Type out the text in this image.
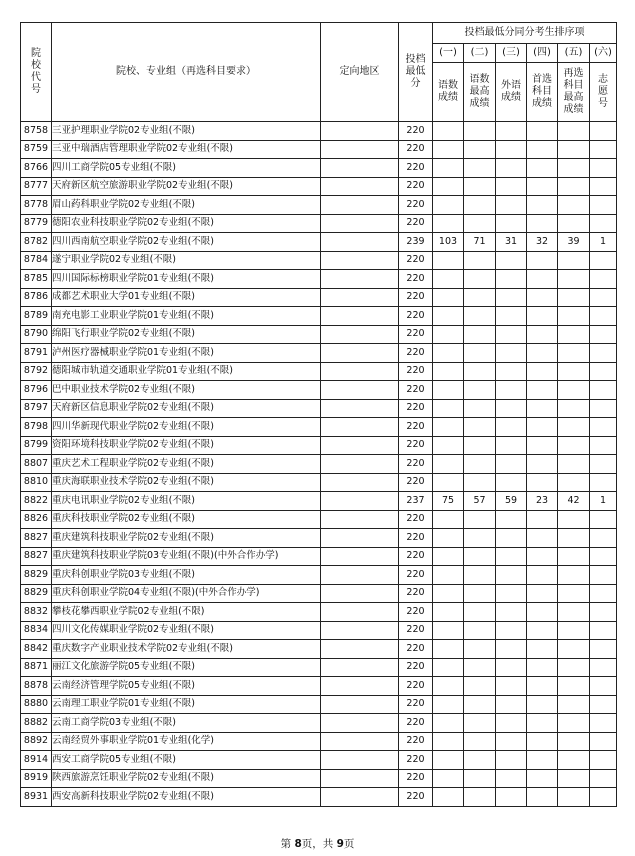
院校代号	院校、专业组（再选科目要求）	定向地区	投档最低分	投档最低分同分考生排序项					
				(一)	(二)	(三)	(四)	(五)	(六)
				语数成绩	语数最高成绩	外语成绩	首选科目成绩	再选科目最高成绩	志愿号
8758	三亚护理职业学院02专业组(不限)		220						
8759	三亚中瑞酒店管理职业学院02专业组(不限)		220						
8766	四川工商学院05专业组(不限)		220						
8777	天府新区航空旅游职业学院02专业组(不限)		220						
8778	眉山药科职业学院02专业组(不限)		220						
8779	德阳农业科技职业学院02专业组(不限)		220						
8782	四川西南航空职业学院02专业组(不限)		239	103	71	31	32	39	1
8784	遂宁职业学院02专业组(不限)		220						
8785	四川国际标榜职业学院01专业组(不限)		220						
8786	成都艺术职业大学01专业组(不限)		220						
8789	南充电影工业职业学院01专业组(不限)		220						
8790	绵阳飞行职业学院02专业组(不限)		220						
8791	泸州医疗器械职业学院01专业组(不限)		220						
8792	德阳城市轨道交通职业学院01专业组(不限)		220						
8796	巴中职业技术学院02专业组(不限)		220						
8797	天府新区信息职业学院02专业组(不限)		220						
8798	四川华新现代职业学院02专业组(不限)		220						
8799	资阳环境科技职业学院02专业组(不限)		220						
8807	重庆艺术工程职业学院02专业组(不限)		220						
8810	重庆海联职业技术学院02专业组(不限)		220						
8822	重庆电讯职业学院02专业组(不限)		237	75	57	59	23	42	1
8826	重庆科技职业学院02专业组(不限)		220						
8827	重庆建筑科技职业学院02专业组(不限)		220						
8827	重庆建筑科技职业学院03专业组(不限)(中外合作办学)		220						
8829	重庆科创职业学院03专业组(不限)		220						
8829	重庆科创职业学院04专业组(不限)(中外合作办学)		220						
8832	攀枝花攀西职业学院02专业组(不限)		220						
8834	四川文化传媒职业学院02专业组(不限)		220						
8842	重庆数字产业职业技术学院02专业组(不限)		220						
8871	丽江文化旅游学院05专业组(不限)		220						
8878	云南经济管理学院05专业组(不限)		220						
8880	云南理工职业学院01专业组(不限)		220						
8882	云南工商学院03专业组(不限)		220						
8892	云南经贸外事职业学院01专业组(化学)		220						
8914	西安工商学院05专业组(不限)		220						
8919	陕西旅游烹饪职业学院02专业组(不限)		220						
8931	西安高新科技职业学院02专业组(不限)		220						
第 8页，共 9页
